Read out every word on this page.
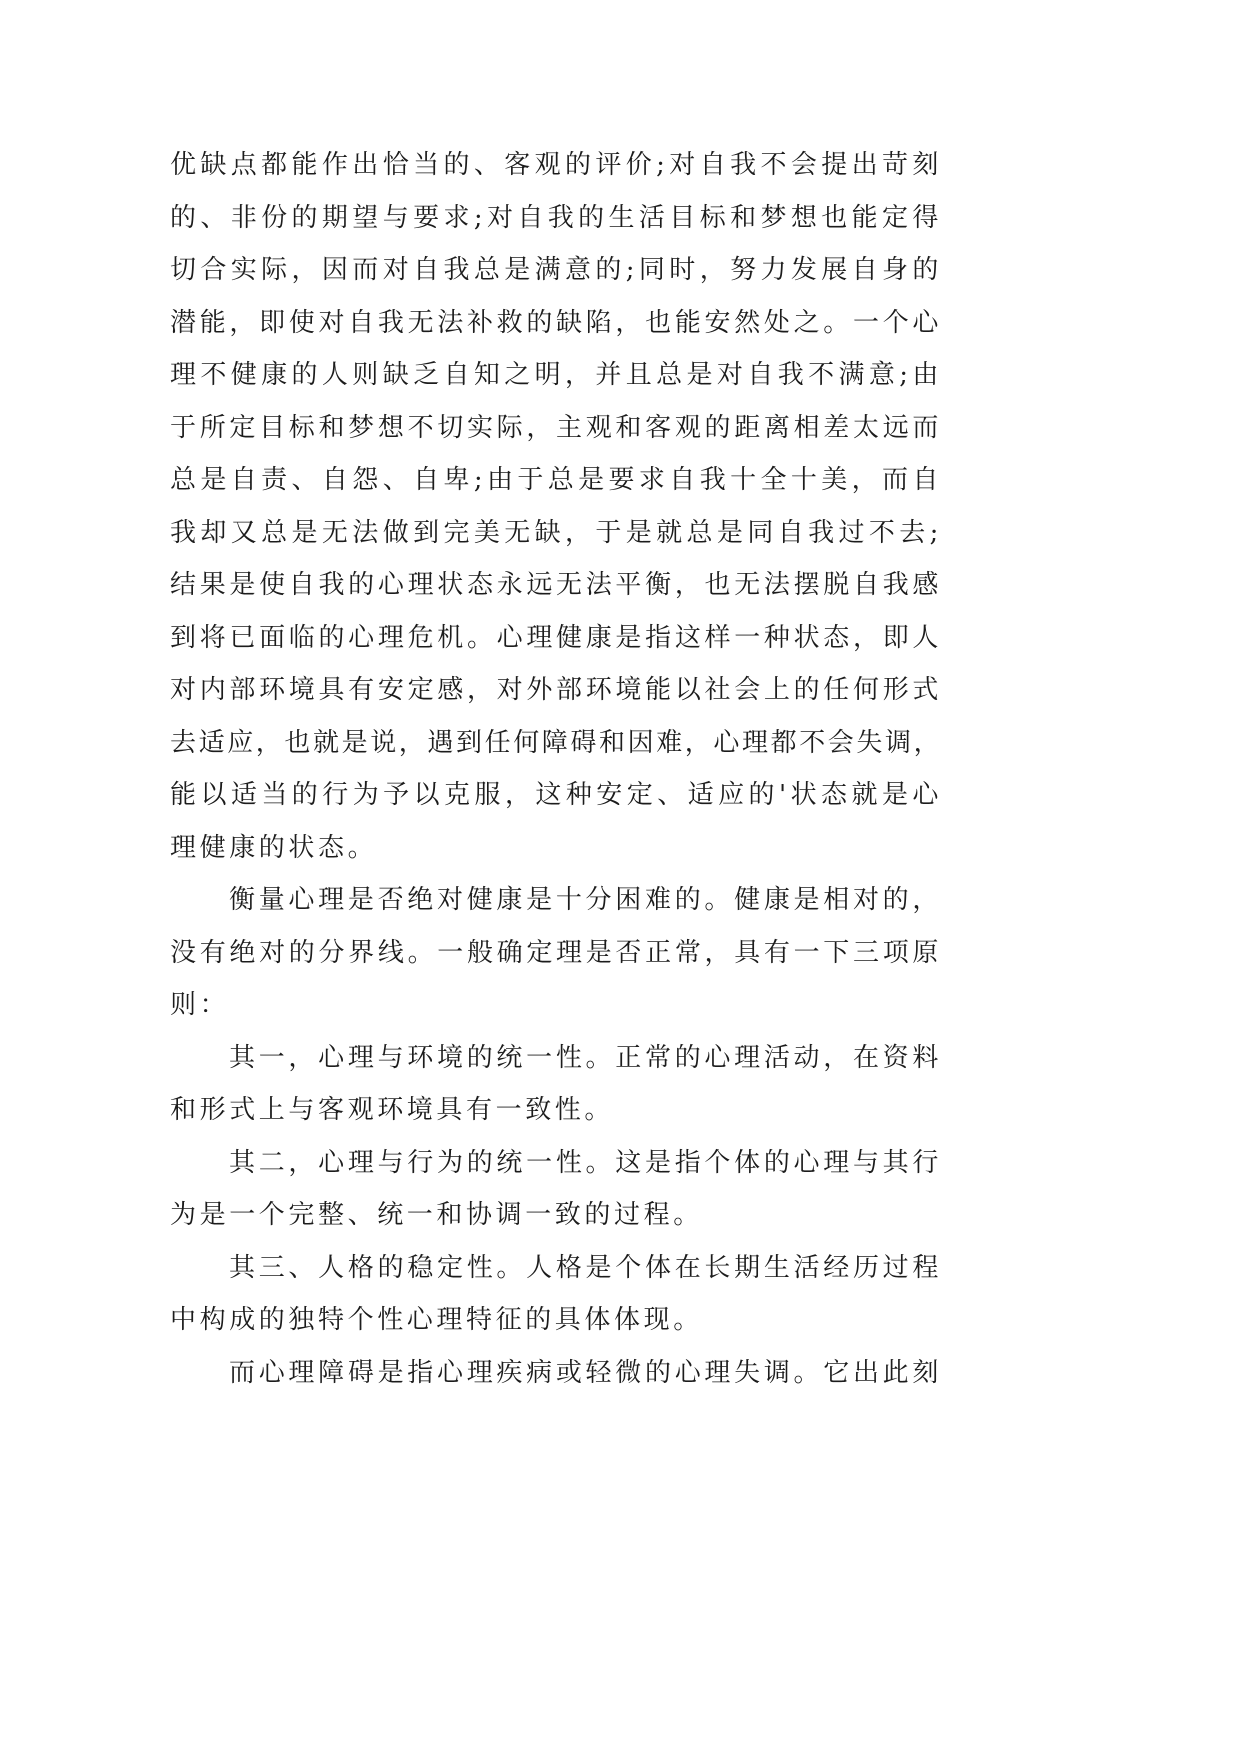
优缺点都能作出恰当的、客观的评价;对自我不会提出苛刻
的、非份的期望与要求;对自我的生活目标和梦想也能定得
切合实际，因而对自我总是满意的;同时，努力发展自身的
潜能，即使对自我无法补救的缺陷，也能安然处之。一个心
理不健康的人则缺乏自知之明，并且总是对自我不满意;由
于所定目标和梦想不切实际，主观和客观的距离相差太远而
总是自责、自怨、自卑;由于总是要求自我十全十美，而自
我却又总是无法做到完美无缺，于是就总是同自我过不去;
结果是使自我的心理状态永远无法平衡，也无法摆脱自我感
到将已面临的心理危机。心理健康是指这样一种状态，即人
对内部环境具有安定感，对外部环境能以社会上的任何形式
去适应，也就是说，遇到任何障碍和因难，心理都不会失调，
能以适当的行为予以克服，这种安定、适应的'状态就是心
理健康的状态。
衡量心理是否绝对健康是十分困难的。健康是相对的，
没有绝对的分界线。一般确定理是否正常，具有一下三项原
则：
其一，心理与环境的统一性。正常的心理活动，在资料
和形式上与客观环境具有一致性。
其二，心理与行为的统一性。这是指个体的心理与其行
为是一个完整、统一和协调一致的过程。
其三、人格的稳定性。人格是个体在长期生活经历过程
中构成的独特个性心理特征的具体体现。
而心理障碍是指心理疾病或轻微的心理失调。它出此刻
